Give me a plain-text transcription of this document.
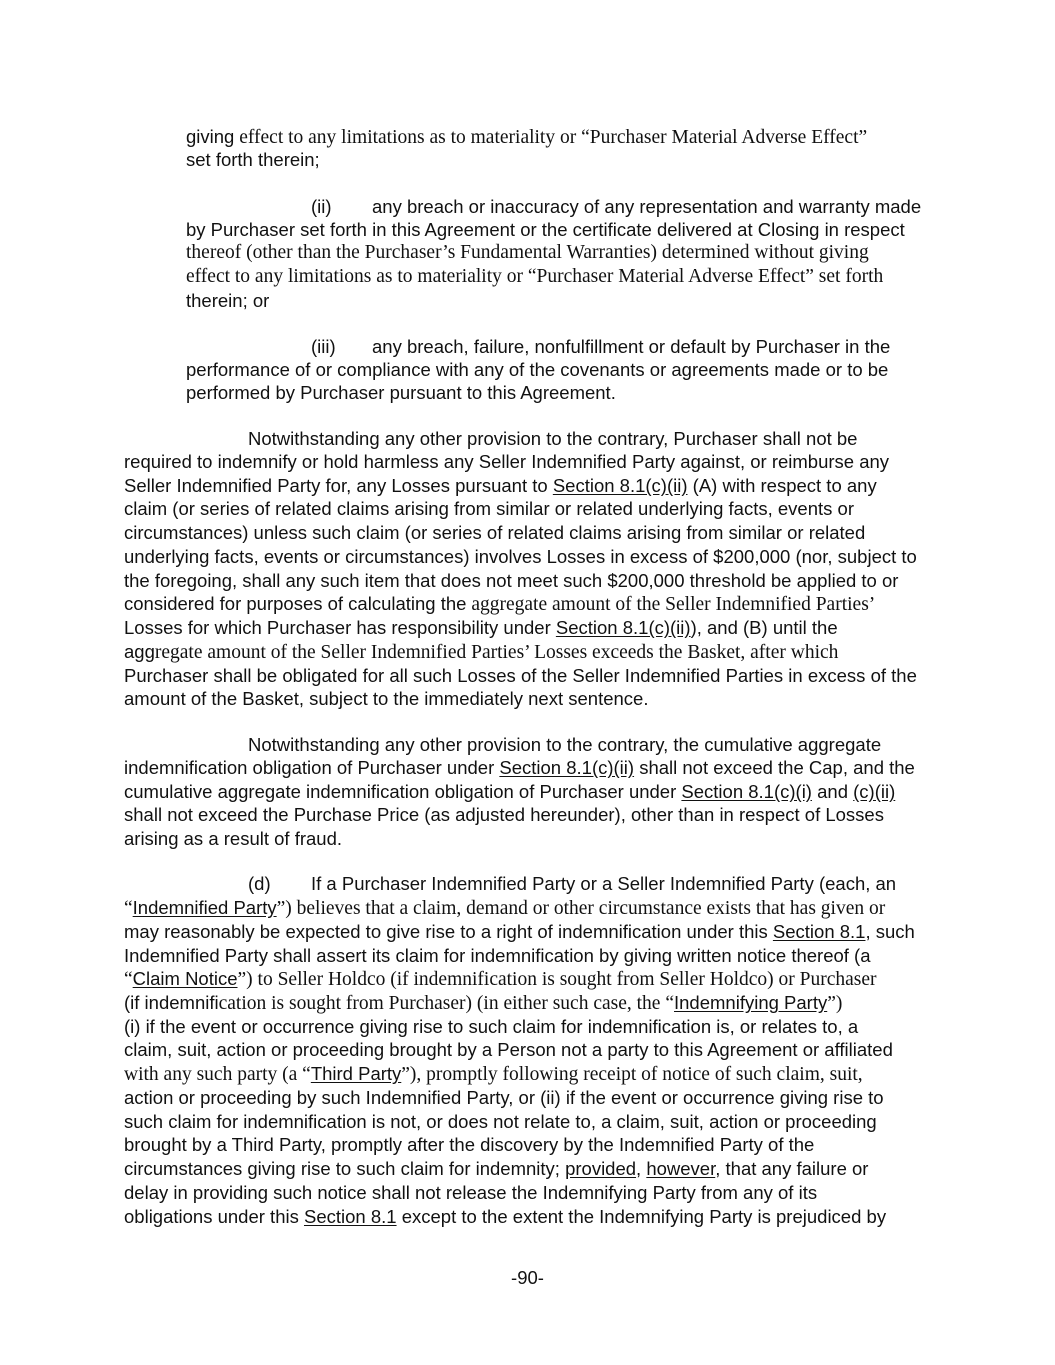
giving effect to any limitations as to materiality or “Purchaser Material Adverse Effect”
set forth therein;
(ii) any breach or inaccuracy of any representation and warranty made
by Purchaser set forth in this Agreement or the certificate delivered at Closing in respect
thereof (other than the Purchaser’s Fundamental Warranties) determined without giving
effect to any limitations as to materiality or “Purchaser Material Adverse Effect” set forth
therein; or
(iii) any breach, failure, nonfulfillment or default by Purchaser in the
performance of or compliance with any of the covenants or agreements made or to be
performed by Purchaser pursuant to this Agreement.
Notwithstanding any other provision to the contrary, Purchaser shall not be
required to indemnify or hold harmless any Seller Indemnified Party against, or reimburse any
Seller Indemnified Party for, any Losses pursuant to Section 8.1(c)(ii) (A) with respect to any
claim (or series of related claims arising from similar or related underlying facts, events or
circumstances) unless such claim (or series of related claims arising from similar or related
underlying facts, events or circumstances) involves Losses in excess of $200,000 (nor, subject to
the foregoing, shall any such item that does not meet such $200,000 threshold be applied to or
considered for purposes of calculating the aggregate amount of the Seller Indemnified Parties’
Losses for which Purchaser has responsibility under Section 8.1(c)(ii)), and (B) until the
aggregate amount of the Seller Indemnified Parties’ Losses exceeds the Basket, after which
Purchaser shall be obligated for all such Losses of the Seller Indemnified Parties in excess of the
amount of the Basket, subject to the immediately next sentence.
Notwithstanding any other provision to the contrary, the cumulative aggregate
indemnification obligation of Purchaser under Section 8.1(c)(ii) shall not exceed the Cap, and the
cumulative aggregate indemnification obligation of Purchaser under Section 8.1(c)(i) and (c)(ii)
shall not exceed the Purchase Price (as adjusted hereunder), other than in respect of Losses
arising as a result of fraud.
(d) If a Purchaser Indemnified Party or a Seller Indemnified Party (each, an
“Indemnified Party”) believes that a claim, demand or other circumstance exists that has given or
may reasonably be expected to give rise to a right of indemnification under this Section 8.1, such
Indemnified Party shall assert its claim for indemnification by giving written notice thereof (a
“Claim Notice”) to Seller Holdco (if indemnification is sought from Seller Holdco) or Purchaser
(if indemnification is sought from Purchaser) (in either such case, the “Indemnifying Party”)
(i) if the event or occurrence giving rise to such claim for indemnification is, or relates to, a
claim, suit, action or proceeding brought by a Person not a party to this Agreement or affiliated
with any such party (a “Third Party”), promptly following receipt of notice of such claim, suit,
action or proceeding by such Indemnified Party, or (ii) if the event or occurrence giving rise to
such claim for indemnification is not, or does not relate to, a claim, suit, action or proceeding
brought by a Third Party, promptly after the discovery by the Indemnified Party of the
circumstances giving rise to such claim for indemnity; provided, however, that any failure or
delay in providing such notice shall not release the Indemnifying Party from any of its
obligations under this Section 8.1 except to the extent the Indemnifying Party is prejudiced by
-90-
